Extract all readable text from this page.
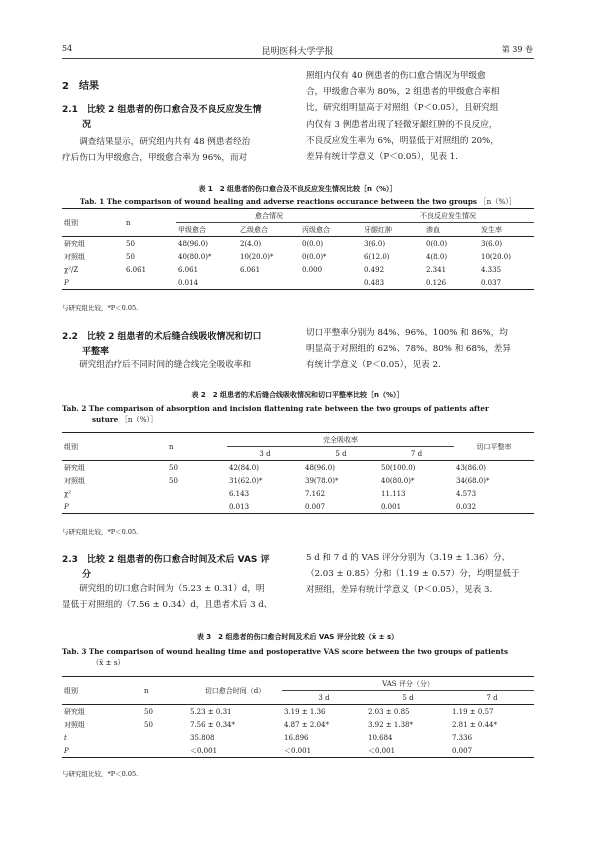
54	昆明医科大学学报	第 39 卷
2　结果
2.1　比较 2 组患者的伤口愈合及不良反应发生情
况

调查结果显示，研究组内共有 48 例患者经治

疗后伤口为甲级愈合，甲级愈合率为 96%，而对
照组内仅有 40 例患者的伤口愈合情况为甲级愈
合，甲级愈合率为 80%，2 组患者的甲级愈合率相
比，研究组明显高于对照组（P＜0.05），且研究组
内仅有 3 例患者出现了轻微牙龈红肿的不良反应，
不良反应发生率为 6%，明显低于对照组的 20%，
差异有统计学意义（P＜0.05），见表 1.
表 1　2 组患者的伤口愈合及不良反应发生情况比较［n（%）］
Tab. 1 The comparison of wound healing and adverse reactions occurance between the two groups ［n（%）］
组别	n	愈合情况			不良反应发生情况		
		甲级愈合	乙级愈合	丙级愈合	牙龈红肿	渗血	发生率
研究组	50	48(96.0)	2(4.0)	0(0.0)	3(6.0)	0(0.0)	3(6.0)
对照组	50	40(80.0)*	10(20.0)*	0(0.0)*	6(12.0)	4(8.0)	10(20.0)
χ²/Z	6.061	6.061	6.061	0.000	0.492	2.341	4.335
P		0.014			0.483	0.126	0.037
与研究组比较，*P＜0.05.
2.2　比较 2 组患者的术后缝合线吸收情况和切口
平整率

研究组治疗后不同时间的缝合线完全吸收率和

切口平整率分别为 84%、96%、100% 和 86%，均
明显高于对照组的 62%、78%、80% 和 68%，差异
有统计学意义（P＜0.05），见表 2.
表 2　2 组患者的术后缝合线吸收情况和切口平整率比较［n（%）］
Tab. 2 The comparison of absorption and incision flattening rate between the two groups of patients after
suture ［n（%）］
组别	n	完全吸收率			切口平整率
		3 d	5 d	7 d	
研究组	50	42(84.0)	48(96.0)	50(100.0)	43(86.0)
对照组	50	31(62.0)*	39(78.0)*	40(80.0)*	34(68.0)*
χ²		6.143	7.162	11.113	4.573
P		0.013	0.007	0.001	0.032
与研究组比较，*P＜0.05.
2.3　比较 2 组患者的伤口愈合时间及术后 VAS 评
分

研究组的切口愈合时间为（5.23 ± 0.31）d，明

显低于对照组的（7.56 ± 0.34）d，且患者术后 3 d、
5 d 和 7 d 的 VAS 评分分别为（3.19 ± 1.36）分、
（2.03 ± 0.85）分和（1.19 ± 0.57）分，均明显低于
对照组，差异有统计学意义（P＜0.05），见表 3.
表 3　2 组患者的伤口愈合时间及术后 VAS 评分比较（x̄ ± s）
Tab. 3 The comparison of wound healing time and postoperative VAS score between the two groups of patients
（x̄ ± s）
组别	n	切口愈合时间（d）	VAS 评分（分）		
			3 d	5 d	7 d
研究组	50	5.23 ± 0.31	3.19 ± 1.36	2.03 ± 0.85	1.19 ± 0.57
对照组	50	7.56 ± 0.34*	4.87 ± 2.04*	3.92 ± 1.38*	2.81 ± 0.44*
t		35.808	16.896	10.684	7.336
P		＜0.001	＜0.001	＜0.001	0.007
与研究组比较，*P＜0.05.
